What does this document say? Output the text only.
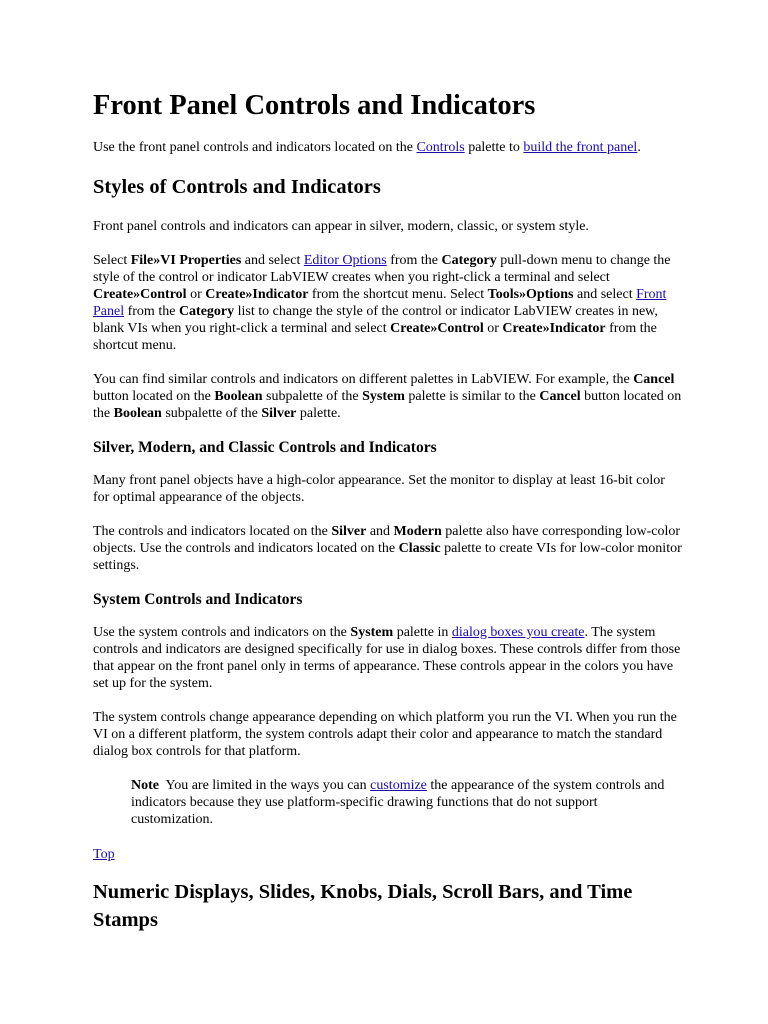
Front Panel Controls and Indicators

Use the front panel controls and indicators located on the Controls palette to build the front panel.

Styles of Controls and Indicators

Front panel controls and indicators can appear in silver, modern, classic, or system style.

Select File»VI Properties and select Editor Options from the Category pull-down menu to change the style of the control or indicator LabVIEW creates when you right-click a terminal and select Create»Control or Create»Indicator from the shortcut menu. Select Tools»Options and select Front Panel from the Category list to change the style of the control or indicator LabVIEW creates in new, blank VIs when you right-click a terminal and select Create»Control or Create»Indicator from the shortcut menu.

You can find similar controls and indicators on different palettes in LabVIEW. For example, the Cancel button located on the Boolean subpalette of the System palette is similar to the Cancel button located on the Boolean subpalette of the Silver palette.

Silver, Modern, and Classic Controls and Indicators

Many front panel objects have a high-color appearance. Set the monitor to display at least 16-bit color for optimal appearance of the objects.

The controls and indicators located on the Silver and Modern palette also have corresponding low-color objects. Use the controls and indicators located on the Classic palette to create VIs for low-color monitor settings.

System Controls and Indicators

Use the system controls and indicators on the System palette in dialog boxes you create. The system controls and indicators are designed specifically for use in dialog boxes. These controls differ from those that appear on the front panel only in terms of appearance. These controls appear in the colors you have set up for the system.

The system controls change appearance depending on which platform you run the VI. When you run the VI on a different platform, the system controls adapt their color and appearance to match the standard dialog box controls for that platform.

Note  You are limited in the ways you can customize the appearance of the system controls and indicators because they use platform-specific drawing functions that do not support customization.

Top
Numeric Displays, Slides, Knobs, Dials, Scroll Bars, and Time Stamps
